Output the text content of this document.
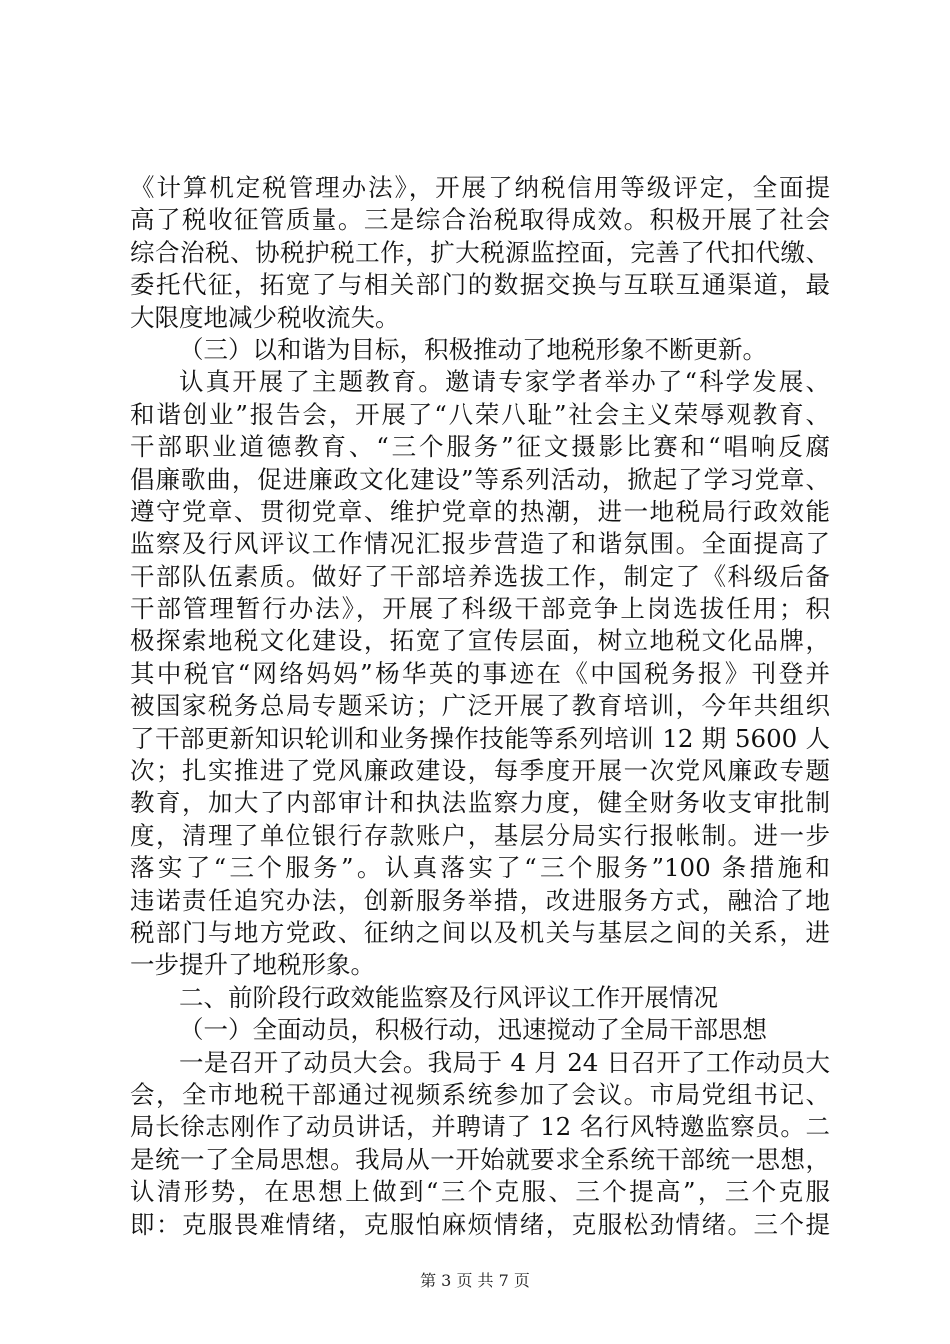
《计算机定税管理办法》，开展了纳税信用等级评定，全面提
高了税收征管质量。三是综合治税取得成效。积极开展了社会
综合治税、协税护税工作，扩大税源监控面，完善了代扣代缴、
委托代征，拓宽了与相关部门的数据交换与互联互通渠道，最
大限度地减少税收流失。
（三）以和谐为目标，积极推动了地税形象不断更新。
认真开展了主题教育。邀请专家学者举办了“科学发展、
和谐创业”报告会，开展了“八荣八耻”社会主义荣辱观教育、
干部职业道德教育、“三个服务”征文摄影比赛和“唱响反腐
倡廉歌曲，促进廉政文化建设”等系列活动，掀起了学习党章、
遵守党章、贯彻党章、维护党章的热潮，进一地税局行政效能
监察及行风评议工作情况汇报步营造了和谐氛围。全面提高了
干部队伍素质。做好了干部培养选拔工作，制定了《科级后备
干部管理暂行办法》，开展了科级干部竞争上岗选拔任用；积
极探索地税文化建设，拓宽了宣传层面，树立地税文化品牌，
其中税官“网络妈妈”杨华英的事迹在《中国税务报》刊登并
被国家税务总局专题采访；广泛开展了教育培训，今年共组织
了干部更新知识轮训和业务操作技能等系列培训 12 期 5600 人
次；扎实推进了党风廉政建设，每季度开展一次党风廉政专题
教育，加大了内部审计和执法监察力度，健全财务收支审批制
度，清理了单位银行存款账户，基层分局实行报帐制。进一步
落实了“三个服务”。认真落实了“三个服务”100 条措施和
违诺责任追究办法，创新服务举措，改进服务方式，融洽了地
税部门与地方党政、征纳之间以及机关与基层之间的关系，进
一步提升了地税形象。
二、前阶段行政效能监察及行风评议工作开展情况
（一）全面动员，积极行动，迅速搅动了全局干部思想
一是召开了动员大会。我局于 4 月 24 日召开了工作动员大
会，全市地税干部通过视频系统参加了会议。市局党组书记、
局长徐志刚作了动员讲话，并聘请了 12 名行风特邀监察员。二
是统一了全局思想。我局从一开始就要求全系统干部统一思想，
认清形势，在思想上做到“三个克服、三个提高”，三个克服
即：克服畏难情绪，克服怕麻烦情绪，克服松劲情绪。三个提
第 3 页 共 7 页
